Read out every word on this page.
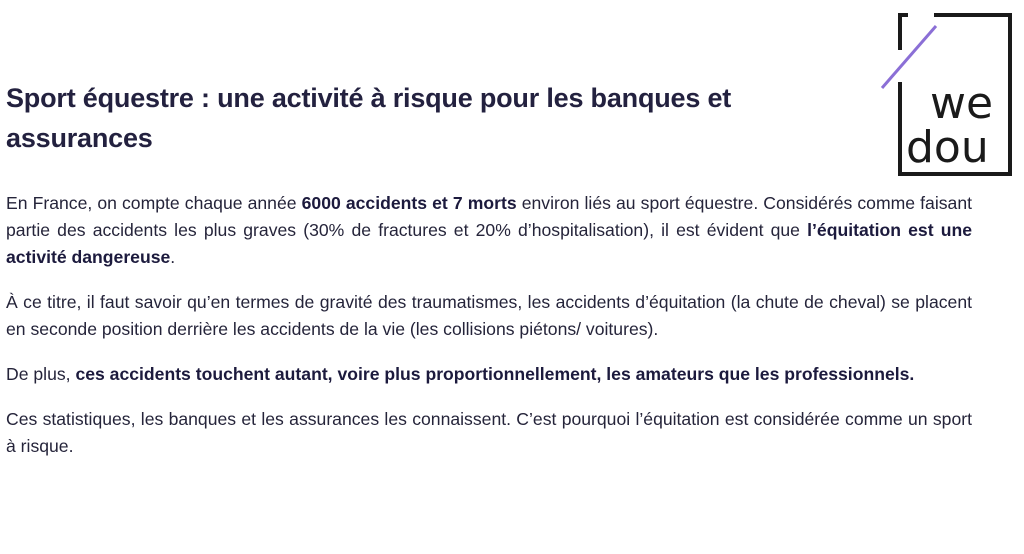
Sport équestre : une activité à risque pour les banques et assurances
we
dou

En France, on compte chaque année 6000 accidents et 7 morts environ liés au sport équestre. Considérés comme faisant partie des accidents les plus graves (30% de fractures et 20% d’hospitalisation), il est évident que l’équitation est une activité dangereuse.

À ce titre, il faut savoir qu’en termes de gravité des traumatismes, les accidents d’équitation (la chute de cheval) se placent en seconde position derrière les accidents de la vie (les collisions piétons/ voitures).

De plus, ces accidents touchent autant, voire plus proportionnellement, les amateurs que les professionnels.

Ces statistiques, les banques et les assurances les connaissent. C’est pourquoi l’équitation est considérée comme un sport à risque.
